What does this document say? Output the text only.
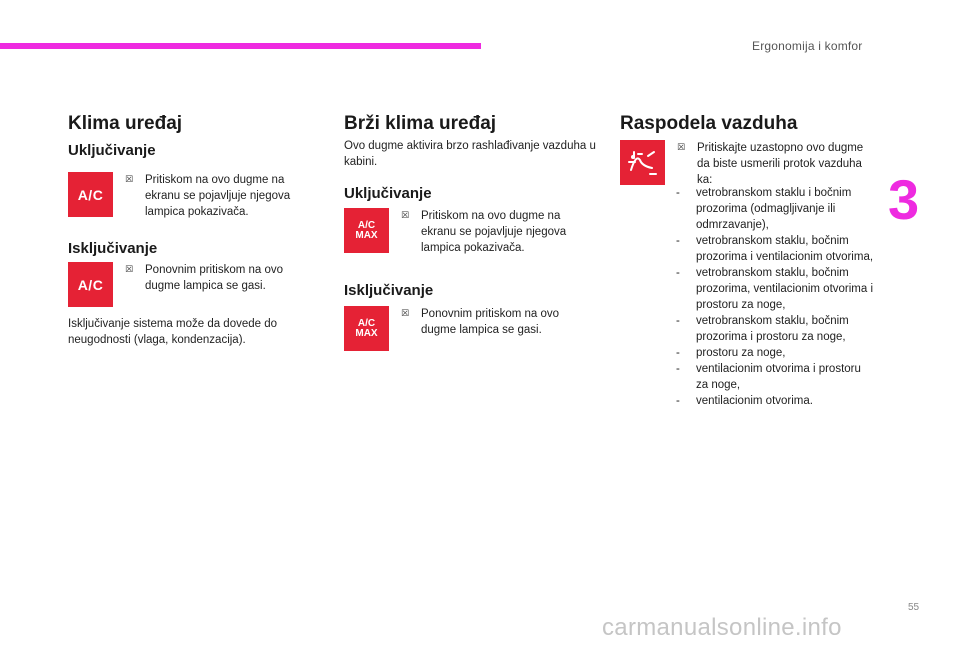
Ergonomija i komfor
3
Klima uređaj
Uključivanje
A/C
☒ Pritiskom na ovo dugme na ekranu se pojavljuje njegova lampica pokazivača.

Isključivanje
A/C
☒ Ponovnim pritiskom na ovo dugme lampica se gasi.

Isključivanje sistema može da dovede do neugodnosti (vlaga, kondenzacija).

Brži klima uređaj

Ovo dugme aktivira brzo rashlađivanje vazduha u kabini.

Uključivanje
A/C
MAX
☒ Pritiskom na ovo dugme na ekranu se pojavljuje njegova lampica pokazivača.

Isključivanje
A/C
MAX
☒ Ponovnim pritiskom na ovo dugme lampica se gasi.

Raspodela vazduha
☒ Pritiskajte uzastopno ovo dugme da biste usmerili protok vazduha ka:

- vetrobranskom staklu i bočnim prozorima (odmagljivanje ili odmrzavanje),
- vetrobranskom staklu, bočnim prozorima i ventilacionim otvorima,
- vetrobranskom staklu, bočnim prozorima, ventilacionim otvorima i prostoru za noge,
- vetrobranskom staklu, bočnim prozorima i prostoru za noge,
- prostoru za noge,
- ventilacionim otvorima i prostoru za noge,
- ventilacionim otvorima.
55
carmanualsonline.info
